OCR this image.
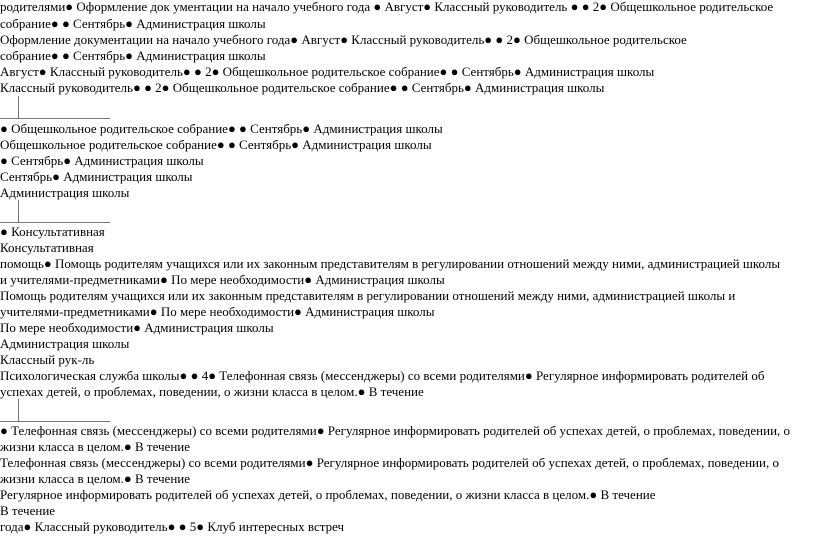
родителями● Оформление док ументации на начало учебного года ● Август● Классный руководитель ● ● 2● Общешкольное родительское
собрание● ● Сентябрь● Администрация школы
Оформление документации на начало учебного года● Август● Классный руководитель● ● 2● Общешкольное родительское
собрание● ● Сентябрь● Администрация школы
Август● Классный руководитель● ● 2● Общешкольное родительское собрание● ● Сентябрь● Администрация школы
Классный руководитель● ● 2● Общешкольное родительское собрание● ● Сентябрь● Администрация школы
● Общешкольное родительское собрание● ● Сентябрь● Администрация школы
Общешкольное родительское собрание● ● Сентябрь● Администрация школы
● Сентябрь● Администрация школы
Сентябрь● Администрация школы
Администрация школы
● Консультативная
Консультативная
помощь● Помощь родителям учащихся или их законным представителям в регулировании отношений между ними, администрацией школы
и учителями-предметниками● По мере необходимости● Администрация школы
Помощь родителям учащихся или их законным представителям в регулировании отношений между ними, администрацией школы и
учителями-предметниками● По мере необходимости● Администрация школы
По мере необходимости● Администрация школы
Администрация школы
Классный рук-ль
Психологическая служба школы● ● 4● Телефонная связь (мессенджеры) со всеми родителями● Регулярное информировать родителей об
успехах детей, о проблемах, поведении, о жизни класса в целом.● В течение
● Телефонная связь (мессенджеры) со всеми родителями● Регулярное информировать родителей об успехах детей, о проблемах, поведении, о
жизни класса в целом.● В течение
Телефонная связь (мессенджеры) со всеми родителями● Регулярное информировать родителей об успехах детей, о проблемах, поведении, о
жизни класса в целом.● В течение
Регулярное информировать родителей об успехах детей, о проблемах, поведении, о жизни класса в целом.● В течение
В течение
года● Классный руководитель● ● 5● Клуб интересных встреч
